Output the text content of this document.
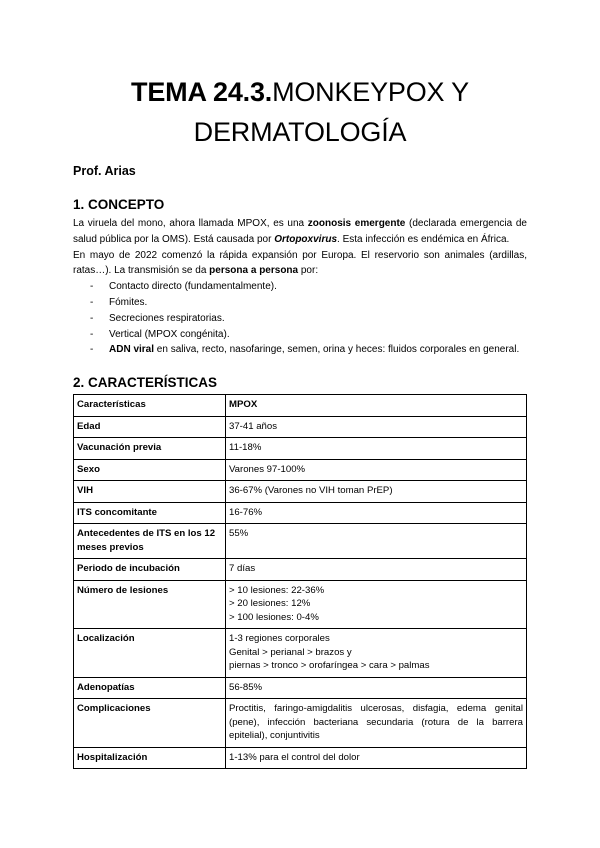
TEMA 24.3.MONKEYPOX Y
DERMATOLOGÍA
Prof. Arias
1. CONCEPTO

La viruela del mono, ahora llamada MPOX, es una zoonosis emergente (declarada emergencia de salud pública por la OMS). Está causada por Ortopoxvirus. Esta infección es endémica en África.

En mayo de 2022 comenzó la rápida expansión por Europa. El reservorio son animales (ardillas, ratas…). La transmisión se da persona a persona por:

- Contacto directo (fundamentalmente).
- Fómites.
- Secreciones respiratorias.
- Vertical (MPOX congénita).
- ADN viral en saliva, recto, nasofaringe, semen, orina y heces: fluidos corporales en general.
2. CARACTERÍSTICAS
Características	MPOX
Edad	37-41 años

Vacunación previa	11-18%

Sexo	Varones 97-100%

VIH	36-67% (Varones no VIH toman PrEP)

ITS concomitante	16-76%

Antecedentes de ITS en los 12 meses previos	55%

Periodo de incubación	7 días

Número de lesiones	> 10 lesiones: 22-36%
> 20 lesiones: 12%
> 100 lesiones: 0-4%

Localización	1-3 regiones corporales
Genital > perianal > brazos y
piernas > tronco > orofaríngea > cara > palmas

Adenopatías	56-85%

Complicaciones	Proctitis, faringo-amigdalitis ulcerosas, disfagia, edema genital (pene), infección bacteriana secundaria (rotura de la barrera epitelial), conjuntivitis

Hospitalización	1-13% para el control del dolor
